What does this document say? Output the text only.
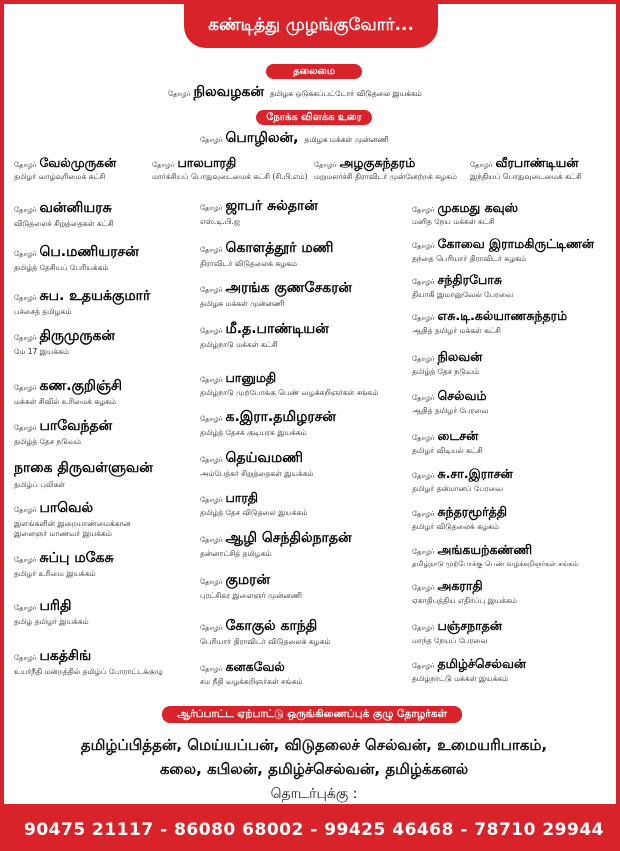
கண்டித்து முழங்குவோர்...
தலைமை
தோழர் நிலவழகன் தமிழக ஒடுக்கப்பட்டோர் விடுதலை இயக்கம்
நோக்க விளக்க உரை
தோழர் பொழிலன், தமிழக மக்கள் முன்னணி
தோழர் வேல்முருகன்
தமிழர் வாழ்வுரிமைக் கட்சி
தோழர் பாலபாரதி
மார்க்சியப் பொதுவுடைமைக் கட்சி (சி.பி.எம்)
தோழர் அழகுசுந்தரம்
மறுமலர்ச்சி திராவிடர் முன்னேற்றக் கழகம்
தோழர் வீரபாண்டியன்
இந்தியப் பொதுவுடைமைக் கட்சி
தோழர் வன்னியரசு
விடுதலைச் சிறுத்தைகள் கட்சி
தோழர் பெ.மணியரசன்
தமிழ்த் தேசியப் பேரியக்கம்
தோழர் சுப. உதயக்குமார்
பச்சைத் தமிழகம்
தோழர் திருமுருகன்
மே 17 இயக்கம்
தோழர் கண.குறிஞ்சி
மக்கள் சிவில் உரிமைக் கழகம்
தோழர் பாவேந்தன்
தமிழ்த் தேச நடுவம்
நாகை திருவள்ளுவன்
தமிழ்ப் புலிகள்
தோழர் பாவெல்
இளங்களின் இறையாண்மைக்கான
இளைஞர் மாணவர் இயக்கம்
தோழர் சுப்பு மகேசு
தமிழர் உரிமை இயக்கம்
தோழர் பரிதி
தமிழ் தமிழர் இயக்கம்
தோழர் பகத்சிங்
உயர்நீதி மன்றத்தில் தமிழ்ப் போராட்டக்குழு
தோழர் ஜாபர் சுல்தான்
எஸ்.டி.பி.ஐ
தோழர் கொளத்தூர் மணி
திராவிடர் விடுதலைக் கழகம்
தோழர் அரங்க குணசேகரன்
தமிழக மக்கள் முன்னணி
தோழர் மீ.த.பாண்டியன்
தமிழ்நாடு மக்கள் கட்சி
தோழர் பானுமதி
தமிழ்நாடு முற்போக்கு பெண் வழக்கறிஞர்கள் சங்கம்
தோழர் க.இரா.தமிழரசன்
தமிழ்த் தேசக் குடியரசு இயக்கம்
தோழர் தெய்வமணி
அம்பேத்கர் சிறுத்தைகள் இயக்கம்
தோழர் பாரதி
தமிழ்த் தேச விடுதலை இயக்கம்
தோழர் ஆழி செந்தில்நாதன்
தன்னாட்சித் தமிழகம்
தோழர் குமரன்
புரட்சிகர இளைஞர் முன்னணி
தோழர் கோகுல் காந்தி
பெரியார் திராவிடர் விடுதலைக் கழகம்
தோழர் கனகவேல்
சம நீதி வழக்கறிஞர்கள் சங்கம்
தோழர் முகமது கவுஸ்
மனித நேய மக்கள் கட்சி
தோழர் கோவை இராமகிருட்டிணன்
தந்தை பெரியார் திராவிடர் கழகம்
தோழர் சந்திரபோசு
தியாகி இமானுவேல் பேரவை
தோழர் எசு.டி.கல்யாணசுந்தரம்
ஆதித் தமிழர் மக்கள் கட்சி
தோழர் நிலவன்
தமிழ்த் தேச நடுவம்
தோழர் செல்வம்
ஆதித் தமிழர் பேரவை
தோழர் டைசன்
தமிழர் விடியல் கட்சி
தோழர் சு.சா.இராசன்
தமிழர் தன்மானப் பேரவை
தோழர் சுந்தரமூர்த்தி
தமிழர் விடுதலைக் கழகம்
தோழர் அங்கயற்கண்ணி
தமிழ்நாடு முற்போக்கு பெண் வழக்கறிஞர்கள் சங்கம்
தோழர் அகராதி
ஏகாதிபத்திய எதிர்ப்பு இயக்கம்
தோழர் பஞ்சநாதன்
மாந்த நேயப் பேரவை
தோழர் தமிழ்ச்செல்வன்
தமிழ்நாட்டு மக்கள் இயக்கம்
ஆர்ப்பாட்ட ஏற்பாட்டு ஒருங்கிணைப்புக் குழு தோழர்கள்
தமிழ்ப்பித்தன், மெய்யப்பன், விடுதலைச் செல்வன், உமையரிபாகம்,
கலை, கபிலன், தமிழ்ச்செல்வன், தமிழ்க்கனல்
தொடர்புக்கு :
90475 21117 - 86080 68002 - 99425 46468 - 78710 29944
